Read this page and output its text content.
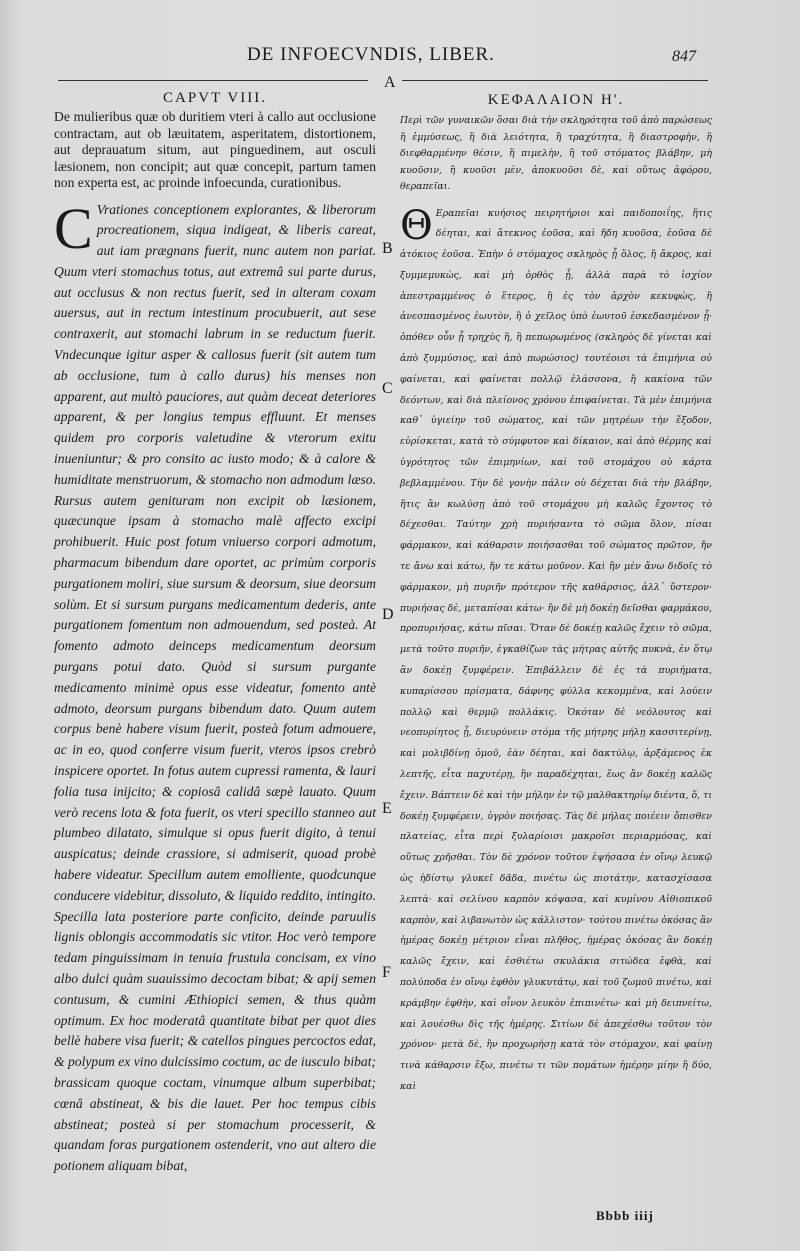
DE INFOECVNDIS, LIBER.	847
A
B
C
D
E
F
CAPVT VIII.

De mulieribus quæ ob duritiem vteri à callo aut occlusione contractam, aut ob læuitatem, asperitatem, distortionem, aut deprauatum situm, aut pinguedinem, aut osculi læsionem, non concipit; aut quæ concepit, partum tamen non experta est, ac proinde infoecunda, curationibus.

C Vrationes conceptionem explorantes, & liberorum procreationem, siqua indigeat, & liberis careat, aut iam prægnans fuerit, nunc autem non pariat. Quum vteri stomachus totus, aut extremâ sui parte durus, aut occlusus & non rectus fuerit, sed in alteram coxam auersus, aut in rectum intestinum procubuerit, aut sese contraxerit, aut stomachi labrum in se reductum fuerit. Vndecunque igitur asper & callosus fuerit (sit autem tum ab occlusione, tum à callo durus) his menses non apparent, aut multò pauciores, aut quàm deceat deteriores apparent, & per longius tempus effluunt. Et menses quidem pro corporis valetudine & vterorum exitu inueniuntur; & pro consito ac iusto modo; & à calore & humiditate menstruorum, & stomacho non admodum læso. Rursus autem genituram non excipit ob læsionem, quæcunque ipsam à stomacho malè affecto excipi prohibuerit. Huic post fotum vniuerso corpori admotum, pharmacum bibendum dare oportet, ac primùm corporis purgationem moliri, siue sursum & deorsum, siue deorsum solùm. Et si sursum purgans medicamentum dederis, ante purgationem fomentum non admouendum, sed posteà. At fomento admoto deinceps medicamentum deorsum purgans potui dato. Quòd si sursum purgante medicamento minimè opus esse videatur, fomento antè admoto, deorsum purgans bibendum dato. Quum autem corpus benè habere visum fuerit, posteà fotum admouere, ac in eo, quod conferre visum fuerit, vteros ipsos crebrò inspicere oportet. In fotus autem cupressi ramenta, & lauri folia tusa inijcito; & copiosâ calidâ sæpè lauato. Quum verò recens lota & fota fuerit, os vteri specillo stanneo aut plumbeo dilatato, simulque si opus fuerit digito, à tenui auspicatus; deinde crassiore, si admiserit, quoad probè habere videatur. Specillum autem emolliente, quodcunque conducere videbitur, dissoluto, & liquido reddito, intingito. Specilla lata posteriore parte conficito, deinde paruulis lignis oblongis accommodatis sic vtitor. Hoc verò tempore tedam pinguissimam in tenuia frustula concisam, ex vino albo dulci quàm suauissimo decoctam bibat; & apij semen contusum, & cumini Æthiopici semen, & thus quàm optimum. Ex hoc moderatâ quantitate bibat per quot dies bellè habere visa fuerit; & catellos pingues percoctos edat, & polypum ex vino dulcissimo coctum, ac de iusculo bibat; brassicam quoque coctam, vinumque album superbibat; cœnâ abstineat, & bis die lauet. Per hoc tempus cibis abstineat; posteà si per stomachum processerit, & quandam foras purgationem ostenderit, vno aut altero die potionem aliquam bibat,
ΚΕΦΑΛΑΙΟΝ Η'.

Περὶ τῶν γυναικῶν ὅσαι διὰ τὴν σκληρότητα τοῦ ἀπὸ παρώσεως ἢ ἐμμύσεως, ἢ διὰ λειότητα, ἢ τραχύτητα, ἢ διαστροφὴν, ἢ διεφθαρμένην θέσιν, ἢ πιμελὴν, ἢ τοῦ στόματος βλάβην, μὴ κυοῦσιν, ἢ κυοῦσι μὲν, ἀποκυοῦσι δὲ, καὶ οὕτως ἀφόρου, θεραπεῖαι.

Θ Εραπεῖαι κυήσιος πειρητήριοι καὶ παιδοποιΐης, ἥτις δέηται, καὶ ἄτεκνος ἐοῦσα, καὶ ἤδη κυοῦσα, ἐοῦσα δὲ ἀτόκιος ἐοῦσα. Ἐπὴν ὁ στόμαχος σκληρὸς ᾖ ὅλος, ἢ ἄκρος, καὶ ξυμμεμυκὼς, καὶ μὴ ὀρθὸς ᾖ, ἀλλὰ παρὰ τὸ ἰσχίον ἀπεστραμμένος ὁ ἕτερος, ἢ ἐς τὸν ἀρχὸν κεκυφὼς, ἢ ἀνεσπασμένος ἑωυτὸν, ἢ ὁ χεῖλος ὑπὸ ἑωυτοῦ ἐσκεδασμένον ᾖ· ὁπόθεν οὖν ᾖ τρηχὺς ἢ, ἢ πεπωρωμένος (σκληρὸς δὲ γίνεται καὶ ἀπὸ ξυμμύσιος, καὶ ἀπὸ πωρώσιος) τουτέοισι τὰ ἐπιμήνια οὐ φαίνεται, καὶ φαίνεται πολλῷ ἐλάσσονα, ἢ κακίονα τῶν δεόντων, καὶ διὰ πλείονος χρόνου ἐπιφαίνεται. Τὰ μὲν ἐπιμήνια καθ᾽ ὑγιείην τοῦ σώματος, καὶ τῶν μητρέων τὴν ἔξοδον, εὑρίσκεται, κατὰ τὸ σύμφυτον καὶ δίκαιον, καὶ ἀπὸ θέρμης καὶ ὑγρότητος τῶν ἐπιμηνίων, καὶ τοῦ στομάχου οὐ κάρτα βεβλαμμένου. Τὴν δὲ γονὴν πάλιν οὐ δέχεται διὰ τὴν βλάβην, ἥτις ἂν κωλύσῃ ἀπὸ τοῦ στομάχου μὴ καλῶς ἔχοντος τὸ δέχεσθαι. Ταύτην χρὴ πυριήσαντα τὸ σῶμα ὅλον, πίσαι φάρμακον, καὶ κάθαρσιν ποιήσασθαι τοῦ σώματος πρῶτον, ἤν τε ἄνω καὶ κάτω, ἤν τε κάτω μοῦνον. Καὶ ἢν μὲν ἄνω διδοῖς τὸ φάρμακον, μὴ πυριῆν πρότερον τῆς καθάρσιος, ἀλλ᾽ ὕστερον· πυριήσας δὲ, μεταπίσαι κάτω· ἢν δὲ μὴ δοκέῃ δεῖσθαι φαρμάκου, προπυριήσας, κάτω πῖσαι. Ὅταν δὲ δοκέῃ καλῶς ἔχειν τὸ σῶμα, μετὰ τοῦτο πυριῆν, ἐγκαθίζων τὰς μήτρας αὐτῆς πυκνὰ, ἐν ὅτῳ ἂν δοκέῃ ξυμφέρειν. Ἐπιβάλλειν δὲ ἐς τὰ πυριήματα, κυπαρίσσου πρίσματα, δάφνης φύλλα κεκομμένα, καὶ λούειν πολλῷ καὶ θερμῷ πολλάκις. Ὁκόταν δὲ νεόλουτος καὶ νεοπυρίητος ᾖ, διευρύνειν στόμα τῆς μήτρης μήλῃ κασσιτερίνῃ, καὶ μολιβδίνῃ ὁμοῦ, ἐὰν δέηται, καὶ δακτύλῳ, ἀρξάμενος ἐκ λεπτῆς, εἶτα παχυτέρῃ, ἢν παραδέχηται, ἕως ἂν δοκέῃ καλῶς ἔχειν. Βάπτειν δὲ καὶ τὴν μήλην ἐν τῷ μαλθακτηρίῳ διέντα, ὅ, τι δοκέῃ ξυμφέρειν, ὑγρὸν ποιήσας. Τὰς δὲ μήλας ποιέειν ὄπισθεν πλατείας, εἶτα περὶ ξυλαρίοισι μακροῖσι περιαρμόσας, καὶ οὕτως χρῆσθαι. Τὸν δὲ χρόνον τοῦτον ἑψήσασα ἐν οἴνῳ λευκῷ ὡς ἡδίστῳ γλυκεῖ δᾶδα, πινέτω ὡς πιοτάτην, κατασχίσασα λεπτὰ· καὶ σελίνου καρπὸν κόψασα, καὶ κυμίνου Αἰθιοπικοῦ καρπὸν, καὶ λιβανωτὸν ὡς κάλλιστον· τούτου πινέτω ὁκόσας ἂν ἡμέρας δοκέῃ μέτριον εἶναι πλῆθος, ἡμέρας ὁκόσας ἂν δοκέῃ καλῶς ἔχειν, καὶ ἐσθιέτω σκυλάκια σιτώδεα ἑφθὰ, καὶ πολύποδα ἐν οἴνῳ ἑφθὸν γλυκυτάτῳ, καὶ τοῦ ζωμοῦ πινέτω, καὶ κράμβην ἑφθὴν, καὶ οἶνον λευκὸν ἐπιπινέτω· καὶ μὴ δειπνείτω, καὶ λουέσθω δὶς τῆς ἡμέρης. Σιτίων δὲ ἀπεχέσθω τοῦτον τὸν χρόνον· μετὰ δὲ, ἢν προχωρήσῃ κατὰ τὸν στόμαχον, καὶ φαίνῃ τινὰ κάθαρσιν ἔξω, πινέτω τι τῶν πομάτων ἡμέρην μίην ἢ δύο, καὶ
Bbbb iiij
